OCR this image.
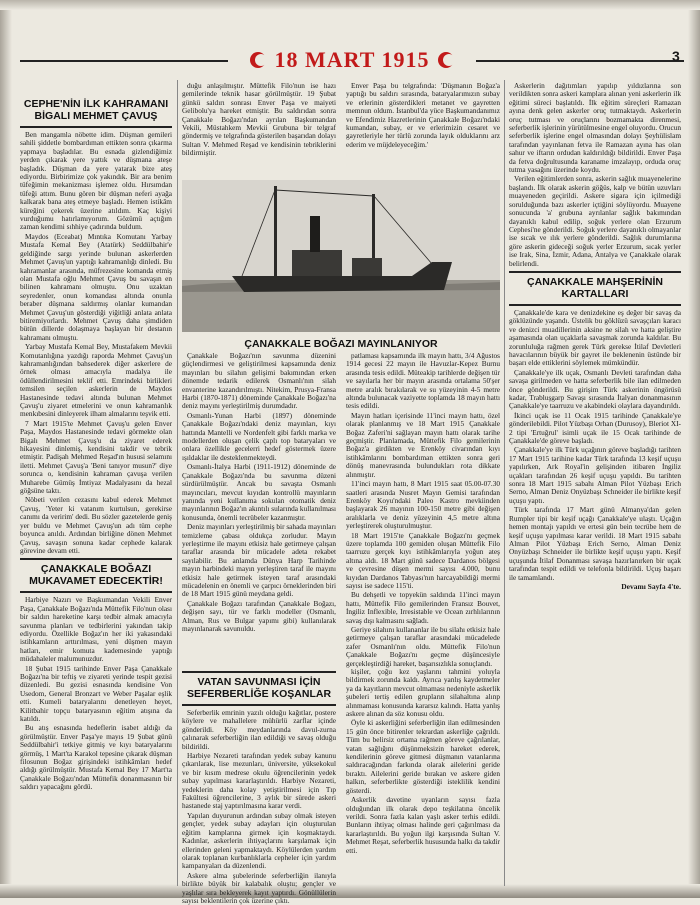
18 MART 1915	3
CEPHE'NİN İLK KAHRAMANI BİGALI MEHMET ÇAVUŞ

Ben mangamla nöbette idim. Düşman gemileri sahili şiddetle bombardıman ettikten sonra çıkarma yapmaya başladılar. Bu esnada gizlendiğimiz yerden çıkarak yere yattık ve düşmana ateşe başladık. Düşman da yere yatarak bize ateş ediyordu. Birbirimize çok yakındık. Bir ara benim tüfeğimin mekanizması işlemez oldu. Hırsımdan tüfeği attım. Bunu gören bir düşman neferi ayağa kalkarak bana ateş etmeye başladı. Hemen istikâm küreğini çekerek üzerine atıldım. Kaç kişiyi vurduğumu hatırlamıyorum. Gözümü açtığım zaman kendimi sıhhiye çadırında buldum.

Maydos (Eceabat) Mıntıka Komutanı Yarbay Mustafa Kemal Bey (Atatürk) Seddülbahir'e geldiğinde sargı yerinde bulunan askerlerden Mehmet Çavuş'un yaptığı kahramanlığı dinledi. Bu kahramanlar arasında, müfrezesine komanda etmiş olan Mustafa oğlu Mehmet Çavuş bu savaşın en bilinen kahramanı olmuştu. Onu uzaktan seyredenler, onun komandası altında onunla beraber düşmana saldırmış olanlar kumandan Mehmet Çavuş'un gösterdiği yiğitliği anlata anlata bitiremiyorlardı. Mehmet Çavuş daha şimdiden bütün dillerde dolaşmaya başlayan bir destanın kahramanı olmuştu.

Yarbay Mustafa Kemal Bey, Mustafakem Mevkii Komutanlığına yazdığı raporda Mehmet Çavuş'un kahramanlığından bahsederek diğer askerlere de örnek olması amacıyla madalya ile ödüllendirilmesini teklif etti. Emrindeki birlikleri temsilen seçilen askerlerin de Maydos Hastanesinde tedavi altında bulunan Mehmet Çavuş'u ziyaret etmelerini ve onun kahramanlık menkıbesini dinleyerek ilham almalarını teşvik etti.

7 Mart 1915'te Mehmet Çavuş'u gelen Enver Paşa, Maydos Hastanesinde tedavi görmekte olan Bigalı Mehmet Çavuş'u da ziyaret ederek hikayesini dinlemiş, kendisini takdir ve tebrik etmiştir. Padişah Mehmed Reşad'ın hususi selamını iletti. Mehmet Çavuş'a 'Beni tanıyor musun?' diye sorunca o, kendisinin kahraman çavuşa verilen Muharebe Gümüş İmtiyaz Madalyasını da hezal göğsüne taktı.

Nöbeti verilen cezasını kabul ederek Mehmet Çavuş, 'Yeter ki vatanım kurtulsun, gerekirse canımı da veririm' dedi. Bu sözler gazetelerde geniş yer buldu ve Mehmet Çavuş'un adı tüm cephe boyunca anıldı. Ardından birliğine dönen Mehmet Çavuş, savaşın sonuna kadar cephede kalarak görevine devam etti.

ÇANAKKALE BOĞAZI MUKAVAMET EDECEKTİR!

Harbiye Nazırı ve Başkumandan Vekili Enver Paşa, Çanakkale Boğazı'nda Müttefik Filo'nun olası bir saldırı hareketine karşı tedbir almak amacıyla savunma planları ve tedbirlerini yakından takip ediyordu. Özellikle Boğaz'ın her iki yakasındaki istihkamların arttırılması, yeni düşmen mayın hatları, emir komuta kademesinde yaptığı müdahaleler malumunuzdur.

18 Şubat 1915 tarihinde Enver Paşa Çanakkale Boğazı'na bir teftiş ve ziyareti yerinde tespit gezisi düzenledi. Bu gezisi esnasında kendisine Von Usedom, General Bronzart ve Weber Paşalar eşlik etti. Kumeli bataryalarını denetleyen heyet, Kilitbahir topçu bataryasının eğitim atışına da katıldı.

Bu atış esnasında hedeflerin isabet aldığı da görülmüştür. Enver Paşa'ye mayıs 19 Şubat günü Seddülbahir'i tetkiye gitmiş ve kıyı bataryalarını görmüş, 1 Mart'ta Karakol tepesine çıkarak düşman filosunun Boğaz girişindeki istihkâmları hedef aldığı görülmüştür. Mustafa Kemal Bey 17 Mart'ta Çanakkale Boğazı'ndan Müttefik donanmasının bir saldırı yapacağını gördü.

duğu anlaşılmıştır. Müttefik Filo'nun ise hazı gemilerinde teknik hasar görülmüştür. 19 Şubat günkü saldırı sonrası Enver Paşa ve maiyeti Gelibolu'ya hareket etmiştir. Bu saldırıdan sonra Çanakkale Boğazı'ndan ayrılan Başkumandan Vekili, Müstahkem Mevkii Grubuna bir telgraf göndermiş ve telgrafında gösterilen başarıdan dolayı Sultan V. Mehmed Reşad ve kendisinin tebriklerini bildirmiştir.

Enver Paşa bu telgrafında: 'Düşmanın Boğaz'a yaptığı bu saldırı sırasında, bataryalarımızın subay ve erlerinin gösterdikleri metanet ve gayretten memnun oldum. İstanbul'da yüce Başkumandanımız ve Efendimiz Hazretlerinin Çanakkale Boğazı'ndaki kumandan, subay, er ve erlerimizin cesaret ve gayretleriyle her türlü zorunda layık olduklarını arz ederim ve müjdeleyeceğim.'

ÇANAKKALE BOĞAZI MAYINLANIYOR

Çanakkale Boğazı'nın savunma düzenini güçlendirmesi ve geliştirilmesi kapsamında deniz mayınları bu silahın gelişimi bakımından erken dönemde tedarik edilerek Osmanlı'nın silah envanterine kazandırılmıştı. Nitekim, Prusya-Fransa Harbi (1870-1871) döneminde Çanakkale Boğazı'na deniz mayını yerleştirilmiş durumdadır.

Osmanlı-Yunan Harbi (1897) döneminde Çanakkale Boğazı'ndaki deniz mayınları, kıyı hattında Mantelli ve Nordenfelt gibi farklı marka ve modellerden oluşan çelik çaplı top bataryaları ve onlara özellikle gecelerri hedef göstermek üzere ışıldaklar ile desteklenmekteydi.

Osmanlı-İtalya Harbi (1911-1912) döneminde de Çanakkale Boğazı'nda bu savunma düzeni sürdürülmüştür. Ancak bu savaşta Osmanlı mayıncıları, mevcut kıyıdan kontrollü mayınların yanında yeni kullanıma sokulan otomatik deniz mayınlarının Boğaz'ın akıntılı sularında kullanılması konusunda, önemli tecrübeler kazanmıştır.

Deniz mayınları yerleştirilmiş bir sahada mayınları temizleme çabası oldukça zorludur. Mayın yerleştirme ile mayını etkisiz hale getirmeye çalışan taraflar arasında bir mücadele adeta rekabet sayılabilir. Bu anlamda Dünya Harp Tarihinde mayın harbindeki mayın yerleştiren taraf ile mayını etkisiz hale getirmek isteyen taraf arasındaki mücadelenin en önemli ve çarpıcı örneklerinden biri de 18 Mart 1915 günü meydana geldi.

Çanakkale Boğazı tarafından Çanakkale Boğazı, değişen sayı, tür ve farklı modeller (Osmanlı, Alman, Rus ve Bulgar yapımı gibi) kullanılarak mayınlanarak savunuldu.

patlaması kapsamında ilk mayın hattı, 3/4 Ağustos 1914 gecesi 22 mayın ile Havuzlar-Kepez Burnu arasında tesis edildi. Müteakip tarihlerde değişen tür ve sayılarla her bir mayın arasında ortalama 50'şer metre aralık bırakılarak ve su yüzeyinin 4-5 metre altında bulunacak vaziyette toplamda 18 mayın hattı tesis edildi.

Mayın hatları içerisinde 11'inci mayın hattı, özel olarak planlanmış ve 18 Mart 1915 Çanakkale Boğaz Zaferi'ni sağlayan mayın hattı olarak tarihe geçmiştir. Planlamada, Müttefik Filo gemilerinin Boğaz'a girdikten ve Erenköy civarından kıyı istihkâmlarını bombardıman ettikten sonra geri dönüş manevrasında bulundukları rota dikkate alınmıştır.

11'inci mayın hattı, 8 Mart 1915 saat 05.00-07.30 saatleri arasında Nusret Mayın Gemisi tarafından Erenköy Koyu'ndaki Paleo Kastro mevkiinden başlayarak 26 mayının 100-150 metre gibi değişen aralıklarla ve deniz yüzeyinin 4,5 metre altına yerleştirerek oluşturulmuştur.

18 Mart 1915'te Çanakkale Boğazı'nı geçmek üzere toplamda 100 gemiden oluşan Müttefik Filo taarruzu gerçek kıyı istihkâmlarıyla yoğun ateş altına aldı. 18 Mart günü sadece Dardanos bölgesi ve çevresine düşen mermi sayısı 4.000, bunu kıyıdan Dardanos Tabyası'nın harcayabildiği mermi sayısı ise sadece 115'ti.

Bu dehşetli ve topyekün saldırıda 11'inci mayın hattı, Müttefik Filo gemilerinden Fransız Bouvet, İngiliz Inflexible, Irresistable ve Ocean zırhlılarının savaş dışı kalmasını sağladı.

Geriye silahını kullananlar ile bu silahı etkisiz hale getirmeye çalışan taraflar arasındaki mücadelede zafer Osmanlı'nın oldu. Müttefik Filo'nun Çanakkale Boğazı'nı geçme düşüncesiyle gerçekleştirdiği hareket, başarısızlıkla sonuçlandı.

VATAN SAVUNMASI İÇİN SEFERBERLİĞE KOŞANLAR

Seferberlik emrinin yazılı olduğu kağıtlar, postere köylere ve mahallelere mühürlü zarflar içinde gönderildi. Köy meydanlarında davul-zurna çalınarak seferberliğin ilan edildiği ve savaş olduğu bildirildi.

Harbiye Nezareti tarafından yedek subay kanunu çıkarılarak, lise mezunları, üniversite, yüksekokul ve bir kısım medrese okulu öğrencilerinin yedek subay yapılması kararlaştırıldı. Harbiye Nezareti, yedeklerin daha kolay yetiştirilmesi için Tıp Fakültesi öğrencilerine, 3 aylık bir sürede askeri hastanede staj yaptırılmasına karar verdi.

Yapılan duyurunun ardından subay olmak isteyen gençler, yedek subay adayları için oluşturulan eğitim kamplarına girmek için koşmaktaydı. Kadınlar, askerlerin ihtiyaçlarını karşılamak için ellerinden geleni yapmaktaydı. Köylülerden yardım olarak toplanan kurbanlıklarla cepheler için yardım kampanyaları da düzenlendi.

Askere alma şubelerinde seferberliğin ilanıyla birlikte büyük bir kalabalık oluştu; gençler ve yaşlılar sıra bekleyerek kayıt yaptırdı. Gönüllülerin sayısı beklentilerin çok üzerine çıktı.

kişiler, çoğu kez yaşlarını tahmini yoluyla bildirmek zorunda kaldı. Ayrıca yanlış kaydetmeler ya da kayıtların mevcut olmaması nedeniyle askerlik şubeleri tertiş edilen grupların silahaltına alınp alınmaması konusunda kararsız kalındı. Hatta yanlış askere alınan da söz konusu oldu.

Öyle ki askerliğini seferberliğin ilan edilmesinden 15 gün önce bitirenler tekrardan askerliğe çağrıldı. Tüm bu belirsiz ortama rağmen göreve çağrılanlar, vatan sağlığını düşünmeksizin hareket ederek, kendilerinin göreve gitmesi düşmanın vatanlarına saldıracağından farkında olarak ailelerini geride bıraktı. Ailelerini geride bırakan ve askere giden halkın, seferberlikte gösterdiği isteklilik kendini gösterdi.

Askerlik davetine uyanların sayısı fazla olduğundan ilk olarak depo teşkilatına öncelik verildi. Sonra fazla kalan yaşlı asker terhis edildi. Bunların ihtiyaç olması halinde geri çağırılması da kararlaştırıldı. Bu yoğun ilgi karşısında Sultan V. Mehmet Reşat, seferberlik hususunda halkı da takdir etti.

Askerlerin dağıtımları yapılıp yıldızlarına son verildikten sonra askeri kamplara alınan yeni askerlerin ilk eğitimi süreci başlatıldı. İlk eğitim süreçleri Ramazan ayına denk gelen askerler oruç tutmaktaydı. Askerlerin oruç tutması ve oruçlarını bozmamakta direnmesi, seferberlik işlerinin yürütülmesine engel oluyordu. Orucun seferberlik işlerine engel olmasından dolayı Şeyhülislam tarafından yayınlanan fetva ile Ramazan ayına has olan sahur ve iftarın ordudan kaldırıldığı bildirildi. Enver Paşa da fetva doğrultusunda karaname imzalayıp, orduda oruç tutma yasağını üzerinde koydu.

Verilen eğitimlerden sonra, askerin sağlık muayenelerine başlandı. İlk olarak askerin göğüs, kalp ve bütün uzuvları muayeneden geçirildi. Askere sigara için içilmediği sorulduğunda bazı askerler içtiğini söylüyordu. Muayene sonucunda 'a' grubuna ayrılanlar sağlık bakımından dayanıklı kabul edilip, soğuk yerlere olan Erzurum Cephesi'ne gönderildi. Soğuk yerlere dayanıklı olmayanlar ise sıcak ve ılık yerlere gönderildi. Sağlık durumlarına göre askerin gideceği soğuk yerler Erzurum, sıcak yerler ise Irak, Sina, İzmir, Adana, Antalya ve Çanakkale olarak belirlendi.

ÇANAKKALE MAHŞERİNİN KARTALLARI

Çanakkale'de kara ve denizdekine eş değer bir savaş da göklüzünde yaşandı. Üstelik bu göklüzü savaşçıları karacı ve denizci muadillerinin aksine ne silah ve hatta geliştire aşamasında olan uçaklarla savaşmak zorunda kaldılar. Bu zorunluluğa rağmen gerek Türk gerekse İtilaf Devletleri havacılarının büyük bir gayret ile beklenenin üstünde bir başarı elde ettiklerini söylemek mümkündür.

Çanakkale'ye ilk uçak, Osmanlı Devleti tarafından daha savaşa girilmeden ve hatta seferberlik bile ilan edilmeden önce gönderildi. Bu girişim Türk askerinin öngörüsü kadar, Trabluşgarp Savaşı sırasında İtalyan donanmasının Çanakkale'ye taarruzu ve akabindeki olaylara dayandırıldı.

İkinci uçak ise 11 Ocak 1915 tarihinde Çanakkale'ye gönderilebildi. Pilot Yüzbaşı Orhan (Durusoy), Bleriot XI-2 tipi 'Ertuğrul' isimli uçak ile 15 Ocak tarihinde de Çanakkale'de göreve başladı.

Çanakkale'ye ilk Türk uçağının göreve başladığı tarihten 17 Mart 1915 tarihine kadar Türk tarafında 13 keşif uçuşu yapılırken, Ark Royal'in gelişinden itibaren İngiliz uçakları tarafından 26 keşif uçuşu yapıldı. Bu tarihten sonra 18 Mart 1915 sabahı Alman Pilot Yüzbaşı Erich Serno, Alman Deniz Onyüzbaşı Schneider ile birlikte keşif uçuşu yaptı.

Türk tarafında 17 Mart günü Almanya'dan gelen Rumpler tipi bir keşif uçağı Çanakkale'ye ulaştı. Uçağın hemen montajı yapıldı ve ertesi gün bein tecrübe hem de keşif uçuşu yapılması karar verildi. 18 Mart 1915 sabahı Alman Pilot Yüzbaşı Erich Serno, Alman Deniz Onyüzbaşı Schneider ile birlikte keşif uçuşu yaptı. Keşif uçuşunda İtilaf Donanması savaşa hazırlanırken bir uçak tarafından tespit edildi ve telefonla bildirildi. Uçuş başarı ile tamamlandı.

Devamı Sayfa 4'te.
